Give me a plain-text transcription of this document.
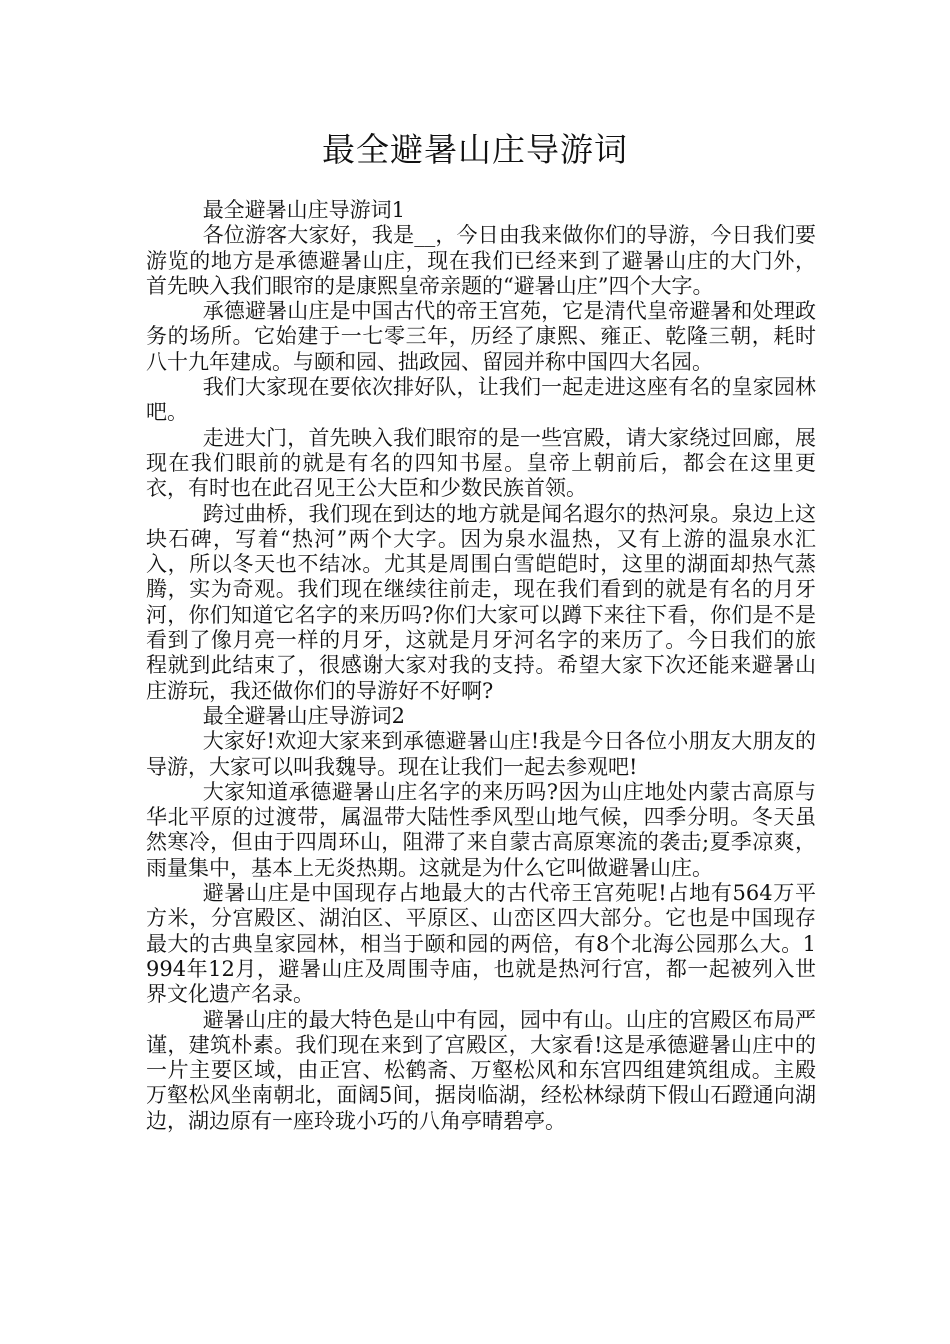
最全避暑山庄导游词

最全避暑山庄导游词1

各位游客大家好，我是__，今日由我来做你们的导游，今日我们要游览的地方是承德避暑山庄，现在我们已经来到了避暑山庄的大门外，首先映入我们眼帘的是康熙皇帝亲题的“避暑山庄”四个大字。

承德避暑山庄是中国古代的帝王宫苑，它是清代皇帝避暑和处理政务的场所。它始建于一七零三年，历经了康熙、雍正、乾隆三朝，耗时八十九年建成。与颐和园、拙政园、留园并称中国四大名园。

我们大家现在要依次排好队，让我们一起走进这座有名的皇家园林吧。

走进大门，首先映入我们眼帘的是一些宫殿，请大家绕过回廊，展现在我们眼前的就是有名的四知书屋。皇帝上朝前后，都会在这里更衣，有时也在此召见王公大臣和少数民族首领。

跨过曲桥，我们现在到达的地方就是闻名遐尔的热河泉。泉边上这块石碑，写着“热河”两个大字。因为泉水温热，又有上游的温泉水汇入，所以冬天也不结冰。尤其是周围白雪皑皑时，这里的湖面却热气蒸腾，实为奇观。我们现在继续往前走，现在我们看到的就是有名的月牙河，你们知道它名字的来历吗?你们大家可以蹲下来往下看，你们是不是看到了像月亮一样的月牙，这就是月牙河名字的来历了。今日我们的旅程就到此结束了，很感谢大家对我的支持。希望大家下次还能来避暑山庄游玩，我还做你们的导游好不好啊?

最全避暑山庄导游词2

大家好!欢迎大家来到承德避暑山庄!我是今日各位小朋友大朋友的导游，大家可以叫我魏导。现在让我们一起去参观吧!

大家知道承德避暑山庄名字的来历吗?因为山庄地处内蒙古高原与华北平原的过渡带，属温带大陆性季风型山地气候，四季分明。冬天虽然寒冷，但由于四周环山，阻滞了来自蒙古高原寒流的袭击;夏季凉爽，雨量集中，基本上无炎热期。这就是为什么它叫做避暑山庄。

避暑山庄是中国现存占地最大的古代帝王宫苑呢!占地有564万平方米，分宫殿区、湖泊区、平原区、山峦区四大部分。它也是中国现存最大的古典皇家园林，相当于颐和园的两倍，有8个北海公园那么大。1994年12月，避暑山庄及周围寺庙，也就是热河行宫，都一起被列入世界文化遗产名录。

避暑山庄的最大特色是山中有园，园中有山。山庄的宫殿区布局严谨，建筑朴素。我们现在来到了宫殿区，大家看!这是承德避暑山庄中的一片主要区域，由正宫、松鹤斋、万壑松风和东宫四组建筑组成。主殿万壑松风坐南朝北，面阔5间，据岗临湖，经松林绿荫下假山石蹬通向湖边，湖边原有一座玲珑小巧的八角亭晴碧亭。
